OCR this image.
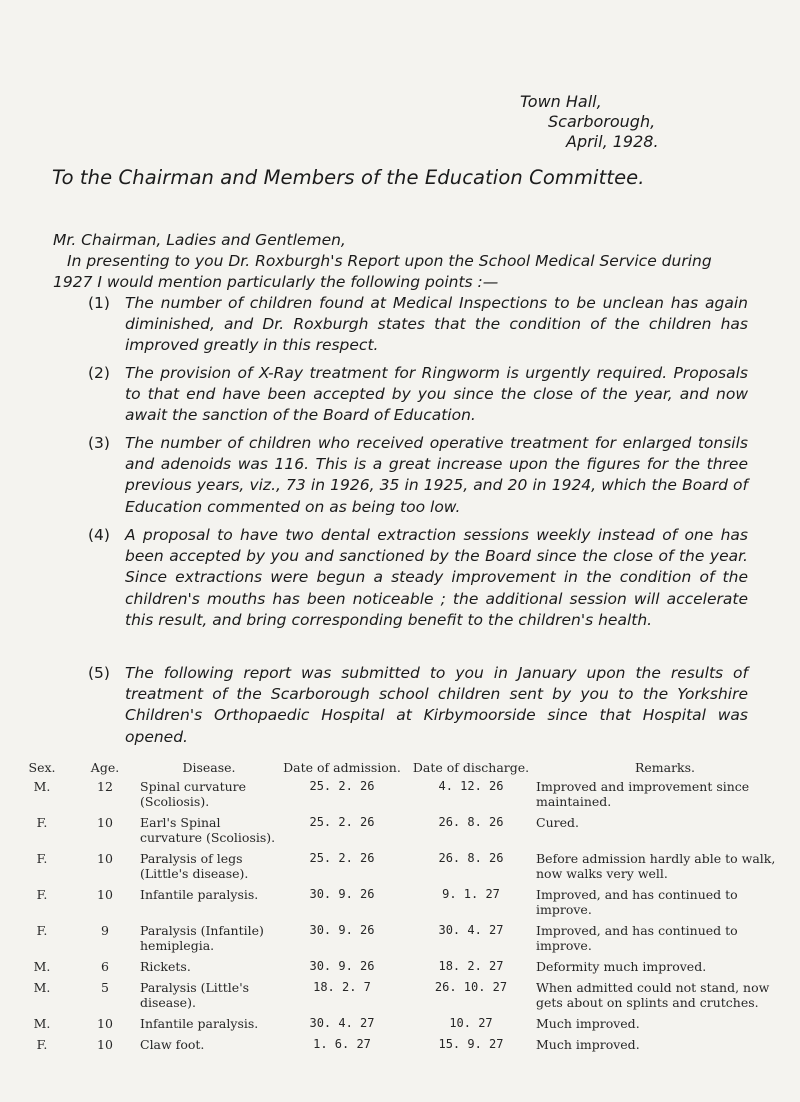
Town Hall,
Scarborough,
April, 1928.
To the Chairman and Members of the Education Committee.
Mr. Chairman, Ladies and Gentlemen,
In presenting to you Dr. Roxburgh's Report upon the School Medical Service during 1927 I would mention particularly the following points :—
(1) The number of children found at Medical Inspections to be unclean has again diminished, and Dr. Roxburgh states that the condition of the children has improved greatly in this respect.
(2) The provision of X-Ray treatment for Ringworm is urgently required. Proposals to that end have been accepted by you since the close of the year, and now await the sanction of the Board of Education.
(3) The number of children who received operative treatment for enlarged tonsils and adenoids was 116. This is a great increase upon the figures for the three previous years, viz., 73 in 1926, 35 in 1925, and 20 in 1924, which the Board of Education commented on as being too low.
(4) A proposal to have two dental extraction sessions weekly instead of one has been accepted by you and sanctioned by the Board since the close of the year. Since extractions were begun a steady improvement in the condition of the children's mouths has been noticeable ; the additional session will accelerate this result, and bring corresponding benefit to the children's health.
(5) The following report was submitted to you in January upon the results of treatment of the Scarborough school children sent by you to the Yorkshire Children's Orthopaedic Hospital at Kirbymoorside since that Hospital was opened.
Sex.	Age.	Disease.	Date of admission.	Date of discharge.	Remarks.
M.	12	Spinal curvature (Scoliosis).	25. 2. 26	4. 12. 26	Improved and improvement since maintained.
F.	10	Earl's Spinal curvature (Scoliosis).	25. 2. 26	26. 8. 26	Cured.
F.	10	Paralysis of legs (Little's disease).	25. 2. 26	26. 8. 26	Before admission hardly able to walk, now walks very well.
F.	10	Infantile paralysis.	30. 9. 26	9. 1. 27	Improved, and has continued to improve.
F.	9	Paralysis (Infantile) hemiplegia.	30. 9. 26	30. 4. 27	Improved, and has continued to improve.
M.	6	Rickets.	30. 9. 26	18. 2. 27	Deformity much improved.
M.	5	Paralysis (Little's disease).	18. 2. 7	26. 10. 27	When admitted could not stand, now gets about on splints and crutches.
M.	10	Infantile paralysis.	30. 4. 27	10. 27	Much improved.
F.	10	Claw foot.	1. 6. 27	15. 9. 27	Much improved.
